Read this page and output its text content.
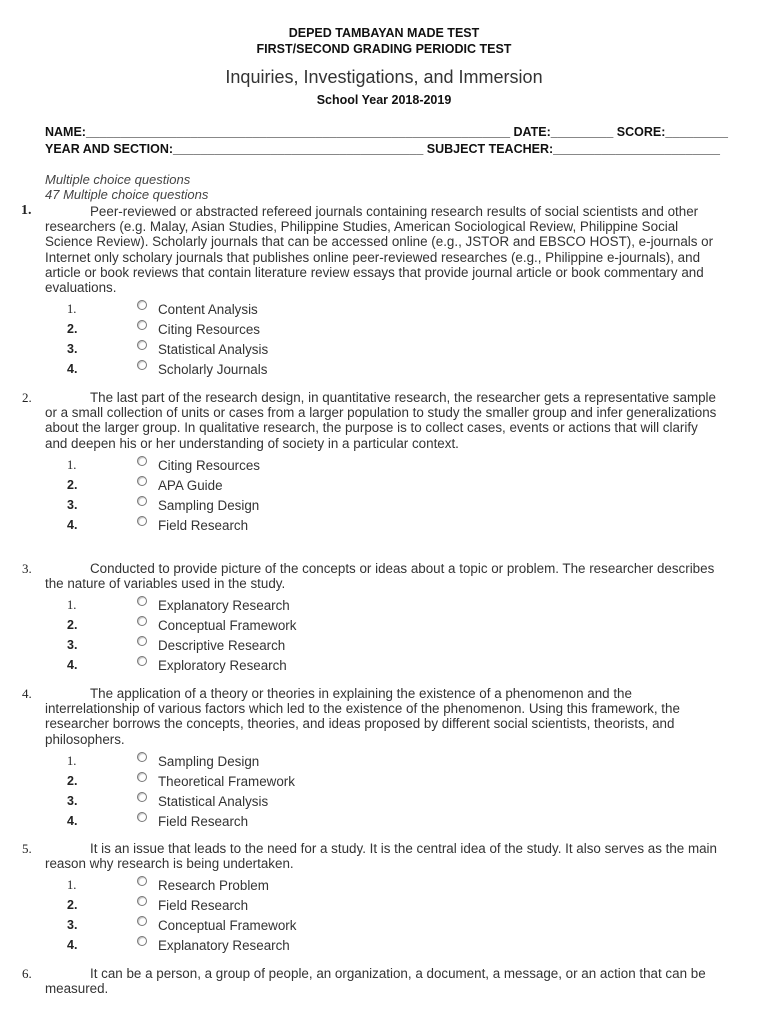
DEPED TAMBAYAN MADE TEST
FIRST/SECOND GRADING PERIODIC TEST
Inquiries, Investigations, and Immersion
School Year 2018-2019
NAME:_____________________________________________________________ DATE:_________ SCORE:_________
YEAR AND SECTION:____________________________________ SUBJECT TEACHER:________________________
Multiple choice questions
47 Multiple choice questions
1.	Peer-reviewed or abstracted refereed journals containing research results of social scientists and other researchers (e.g. Malay, Asian Studies, Philippine Studies, American Sociological Review, Philippine Social Science Review). Scholarly journals that can be accessed online (e.g., JSTOR and EBSCO HOST), e-journals or Internet only scholary journals that publishes online peer-reviewed researches (e.g., Philippine e-journals), and article or book reviews that contain literature review essays that provide journal article or book commentary and evaluations.

1.	Content Analysis
2.	Citing Resources
3.	Statistical Analysis
4.	Scholarly Journals
2.	The last part of the research design, in quantitative research, the researcher gets a representative sample or a small collection of units or cases from a larger population to study the smaller group and infer generalizations about the larger group. In qualitative research, the purpose is to collect cases, events or actions that will clarify and deepen his or her understanding of society in a particular context.

1.	Citing Resources
2.	APA Guide
3.	Sampling Design
4.	Field Research
3.	Conducted to provide picture of the concepts or ideas about a topic or problem. The researcher describes the nature of variables used in the study.

1.	Explanatory Research
2.	Conceptual Framework
3.	Descriptive Research
4.	Exploratory Research
4.	The application of a theory or theories in explaining the existence of a phenomenon and the interrelationship of various factors which led to the existence of the phenomenon. Using this framework, the researcher borrows the concepts, theories, and ideas proposed by different social scientists, theorists, and philosophers.

1.	Sampling Design
2.	Theoretical Framework
3.	Statistical Analysis
4.	Field Research
5.	It is an issue that leads to the need for a study. It is the central idea of the study. It also serves as the main reason why research is being undertaken.

1.	Research Problem
2.	Field Research
3.	Conceptual Framework
4.	Explanatory Research
6.	It can be a person, a group of people, an organization, a document, a message, or an action that can be measured.
